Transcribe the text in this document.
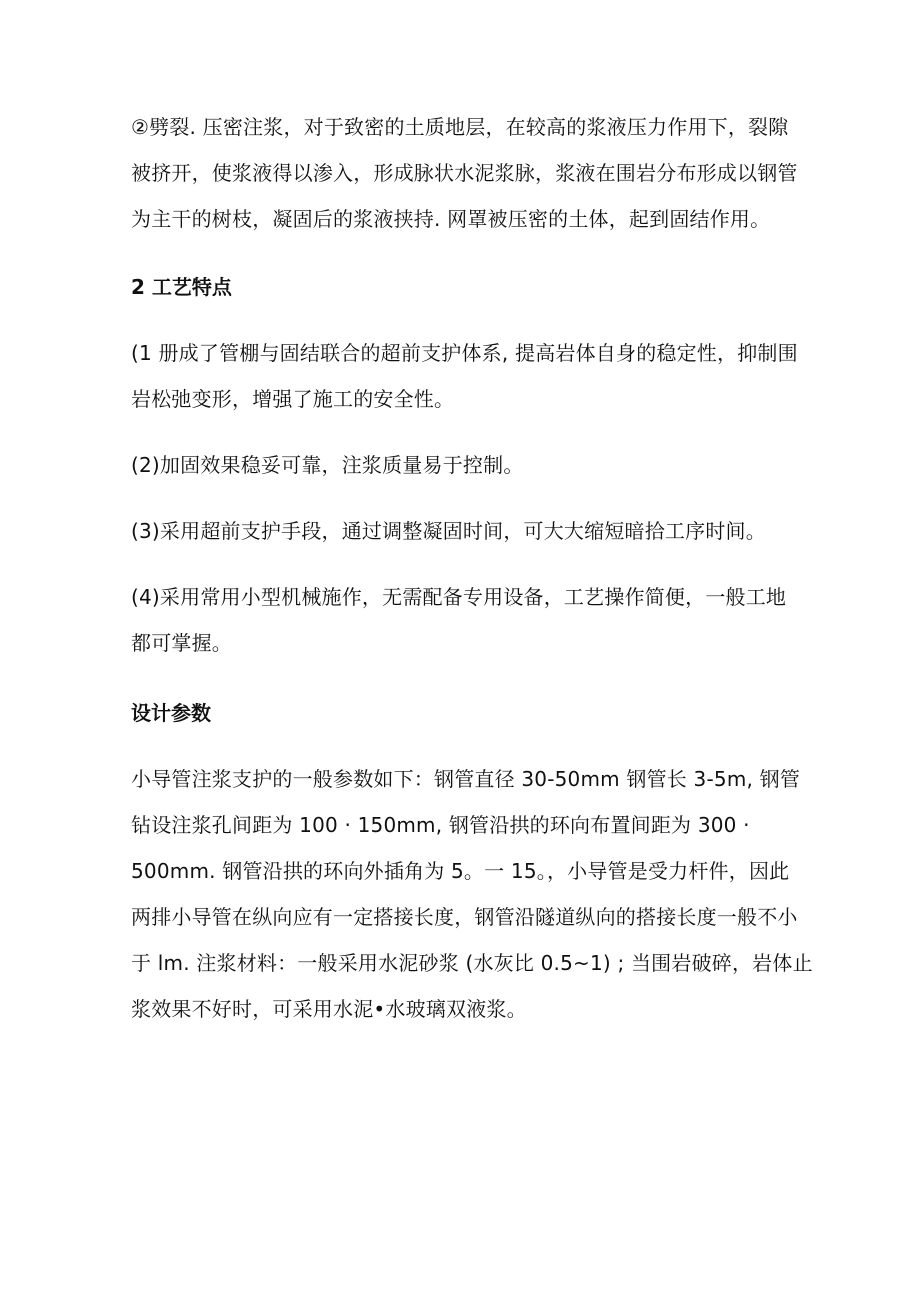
②劈裂. 压密注浆，对于致密的土质地层，在较高的浆液压力作用下，裂隙
被挤开，使浆液得以渗入，形成脉状水泥浆脉，浆液在围岩分布形成以钢管
为主干的树枝，凝固后的浆液挟持. 网罩被压密的土体，起到固结作用。

2 工艺特点

(1 册成了管棚与固结联合的超前支护体系, 提高岩体自身的稳定性，抑制围
岩松弛变形，增强了施工的安全性。

(2)加固效果稳妥可靠，注浆质量易于控制。

(3)采用超前支护手段，通过调整凝固时间，可大大缩短暗拾工序时间。

(4)采用常用小型机械施作，无需配备专用设备，工艺操作简便，一般工地
都可掌握。

设计参数

小导管注浆支护的一般参数如下：钢管直径 30-50mm 钢管长 3-5m, 钢管
钻设注浆孔间距为 100 · 150mm, 钢管沿拱的环向布置间距为 300 ·
500mm. 钢管沿拱的环向外插角为 5。一 15。，小导管是受力杆件，因此
两排小导管在纵向应有一定搭接长度，钢管沿隧道纵向的搭接长度一般不小
于 lm. 注浆材料：一般采用水泥砂浆 (水灰比 0.5~1) ; 当围岩破碎，岩体止
浆效果不好时，可采用水泥•水玻璃双液浆。
